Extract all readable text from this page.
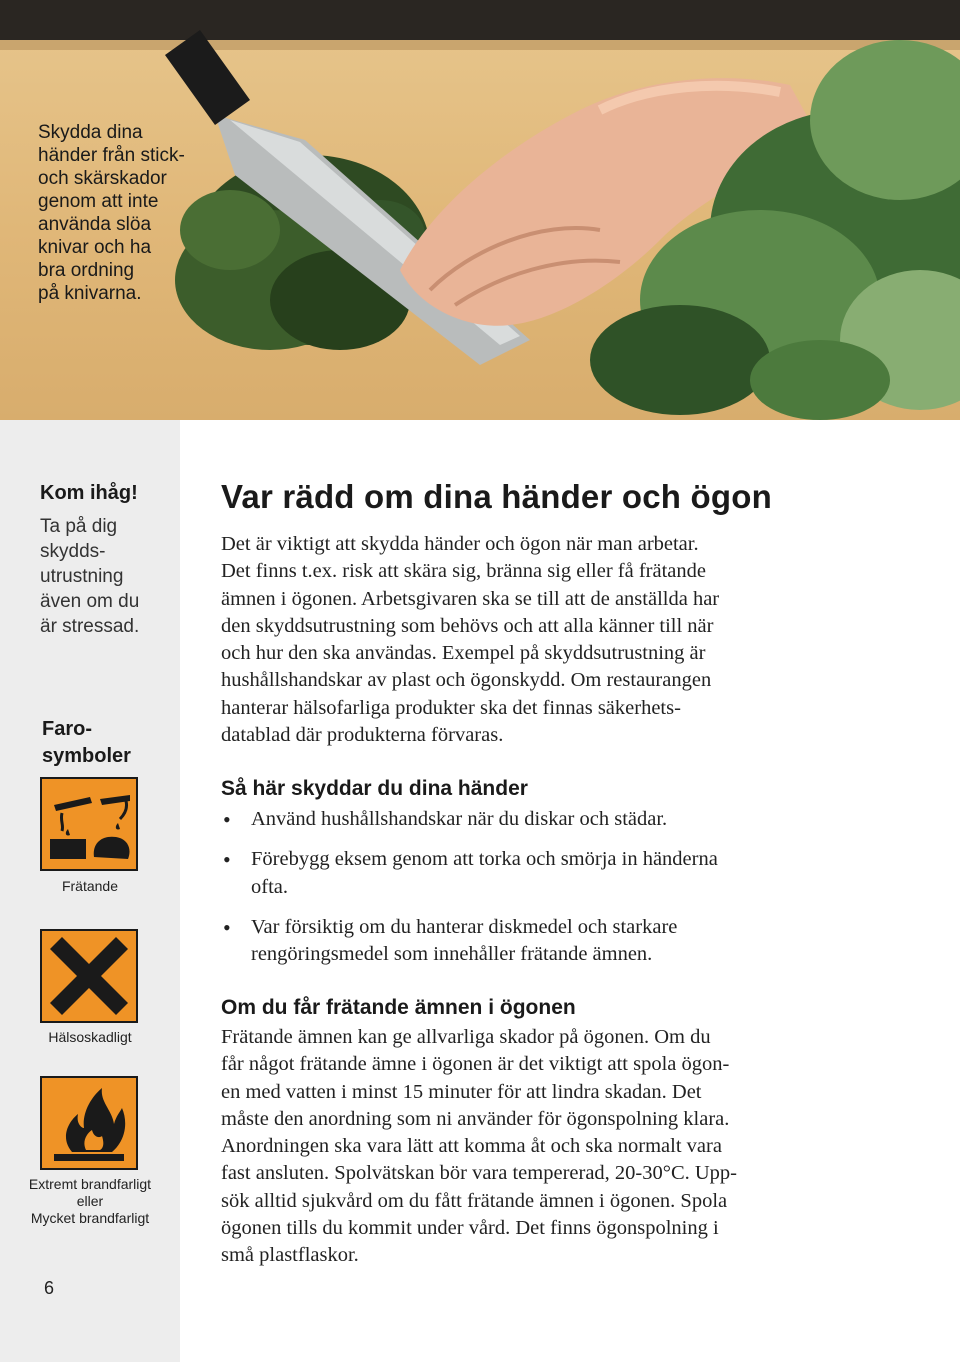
Skydda dina
händer från stick-
och skärskador
genom att inte
använda slöa
knivar och ha
bra ordning
på knivarna.
Kom ihåg!
Ta på dig
skydds-
utrustning
även om du
är stressad.
Faro-
symboler
Frätande
Hälsoskadligt
Extremt brandfarligt
eller
Mycket brandfarligt
6
Var rädd om dina händer och ögon
Det är viktigt att skydda händer och ögon när man arbetar.
Det finns t.ex. risk att skära sig, bränna sig eller få frätande
ämnen i ögonen. Arbetsgivaren ska se till att de anställda har
den skyddsutrustning som behövs och att alla känner till när
och hur den ska användas. Exempel på skyddsutrustning är
hushållshandskar av plast och ögonskydd. Om restaurangen
hanterar hälsofarliga produkter ska det finnas säkerhets-
datablad där produkterna förvaras.
Så här skyddar du dina händer
• Använd hushållshandskar när du diskar och städar.
• Förebygg eksem genom att torka och smörja in händerna
ofta.
• Var försiktig om du hanterar diskmedel och starkare
rengöringsmedel som innehåller frätande ämnen.
Om du får frätande ämnen i ögonen
Frätande ämnen kan ge allvarliga skador på ögonen. Om du
får något frätande ämne i ögonen är det viktigt att spola ögon-
en med vatten i minst 15 minuter för att lindra skadan. Det
måste den anordning som ni använder för ögonspolning klara.
Anordningen ska vara lätt att komma åt och ska normalt vara
fast ansluten. Spolvätskan bör vara tempererad, 20-30°C. Upp-
sök alltid sjukvård om du fått frätande ämnen i ögonen. Spola
ögonen tills du kommit under vård. Det finns ögonspolning i
små plastflaskor.
